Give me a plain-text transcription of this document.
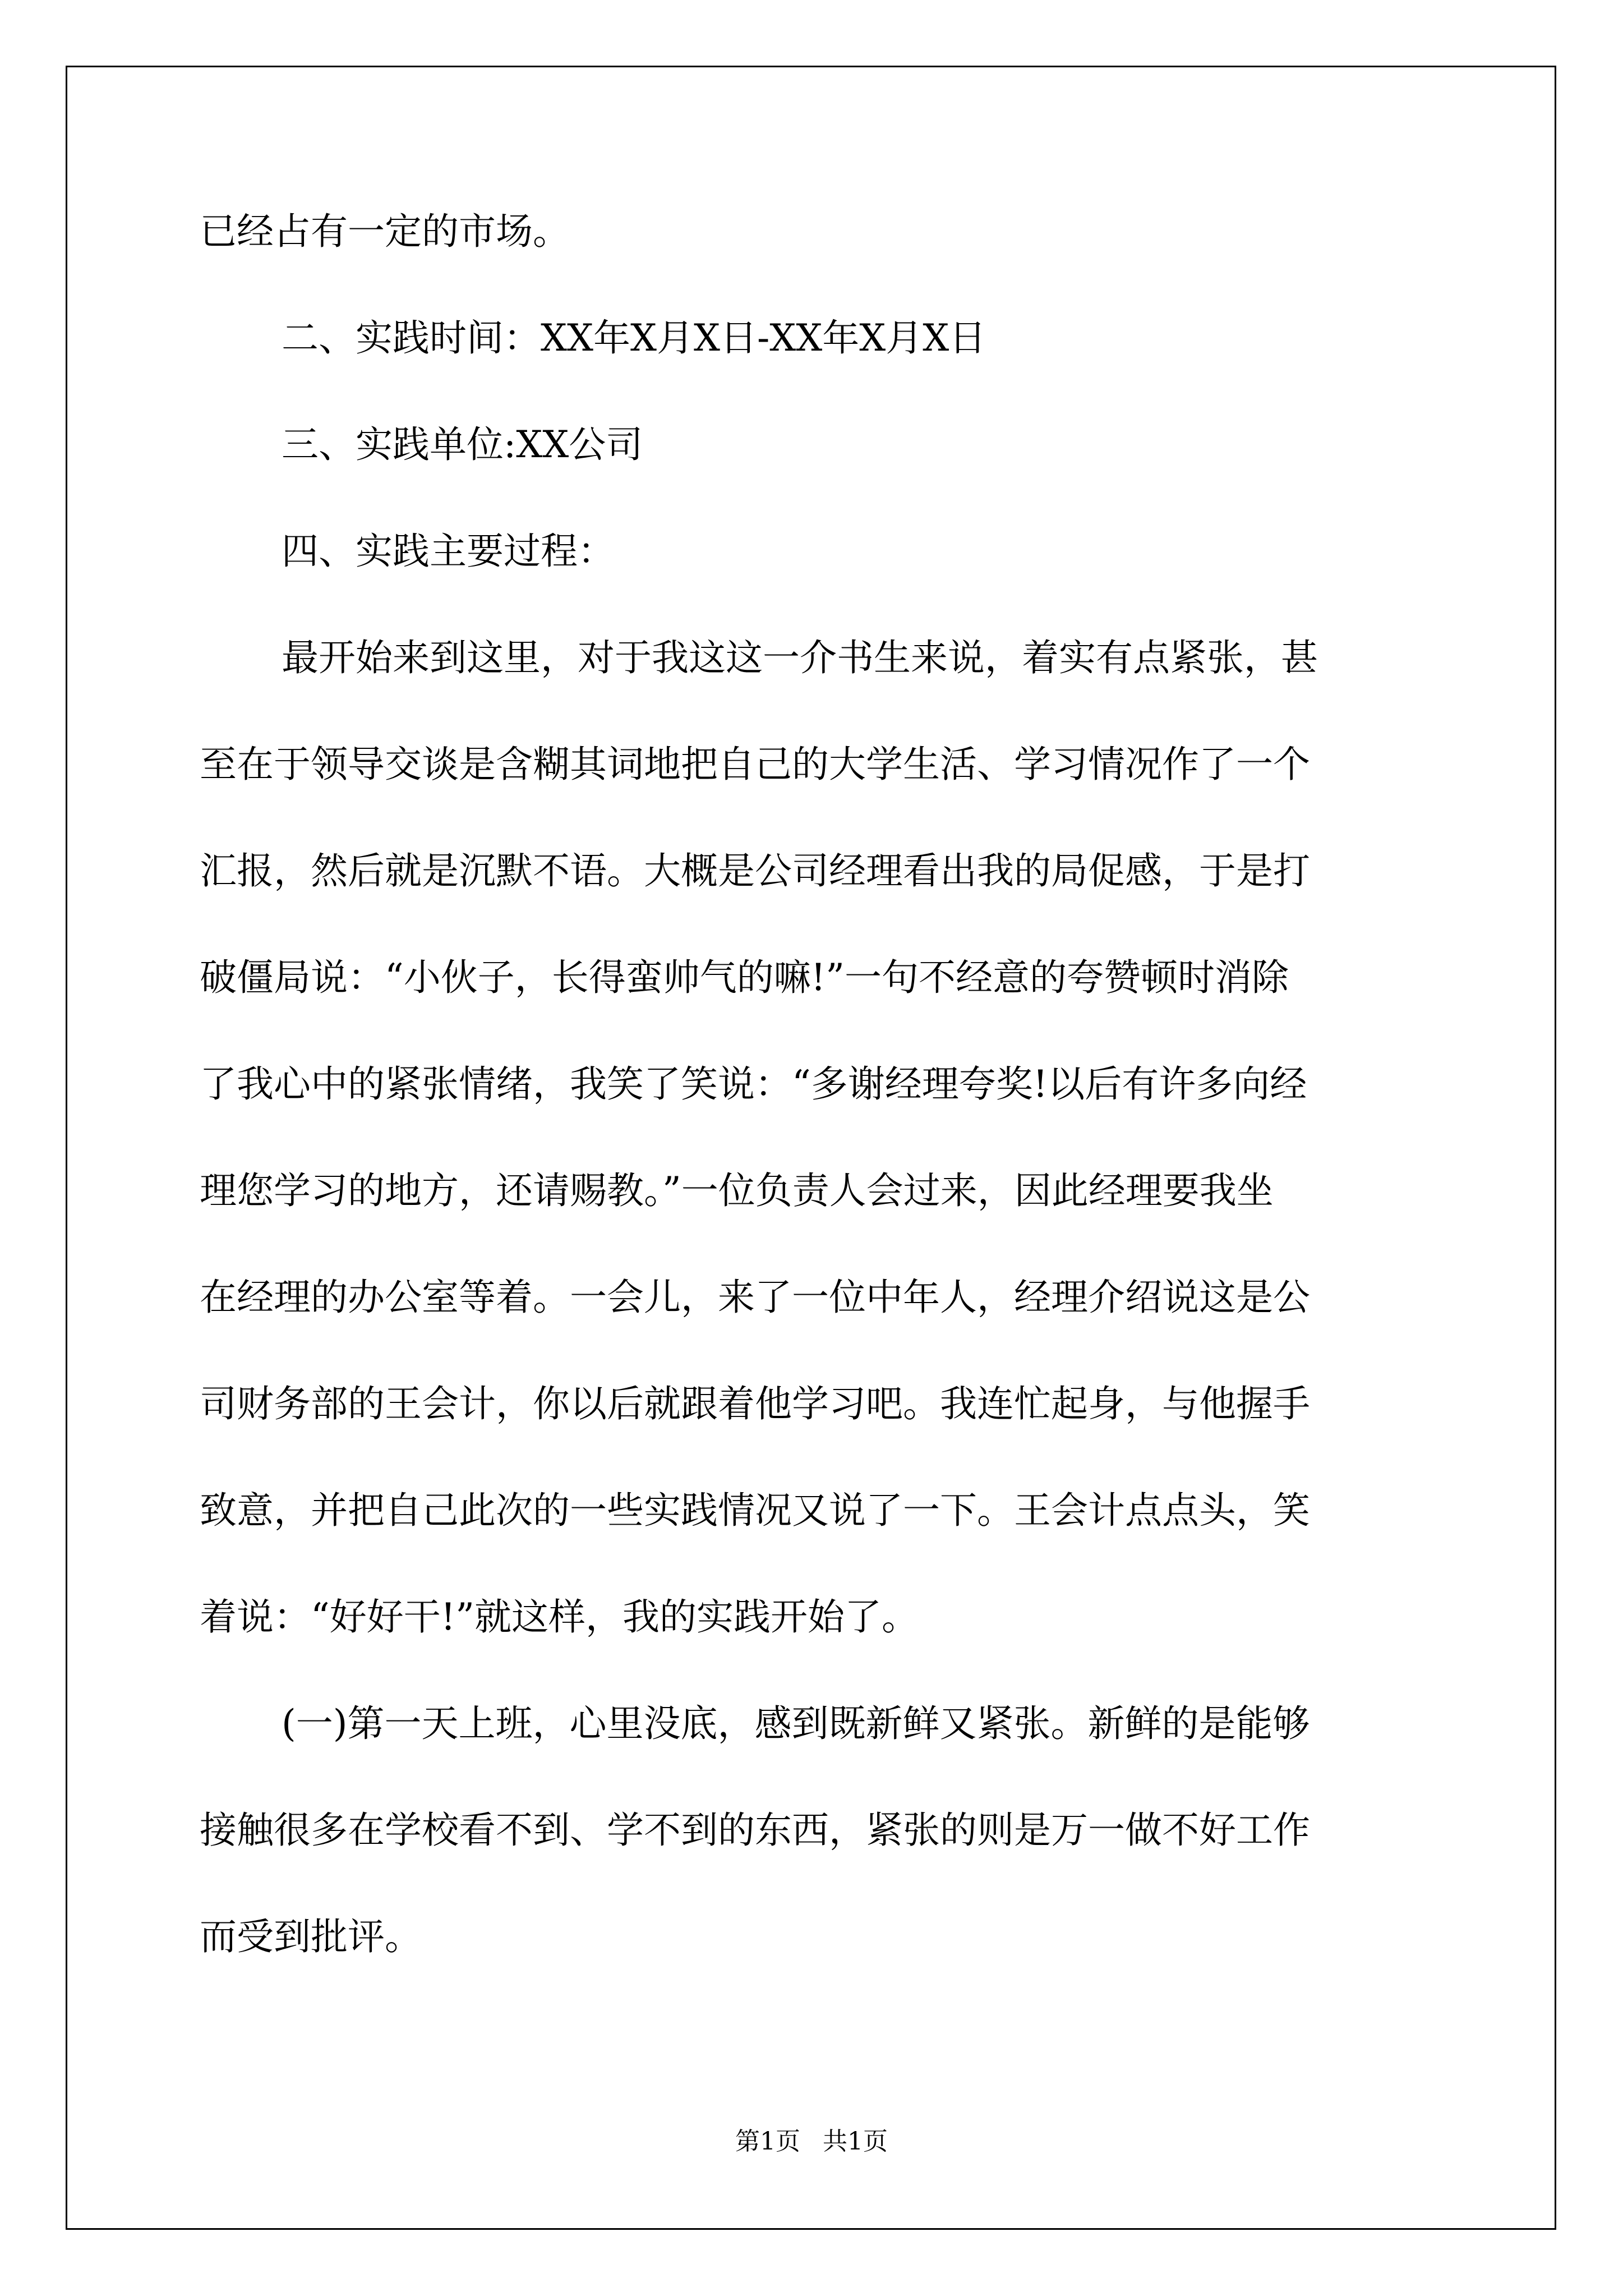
已经占有一定的市场。
二、实践时间：XX年X月X日-XX年X月X日
三、实践单位:XX公司
四、实践主要过程：
最开始来到这里，对于我这这一介书生来说，着实有点紧张，甚
至在于领导交谈是含糊其词地把自己的大学生活、学习情况作了一个
汇报，然后就是沉默不语。大概是公司经理看出我的局促感，于是打
破僵局说：“小伙子，长得蛮帅气的嘛!”一句不经意的夸赞顿时消除
了我心中的紧张情绪，我笑了笑说：“多谢经理夸奖!以后有许多向经
理您学习的地方，还请赐教。”一位负责人会过来，因此经理要我坐
在经理的办公室等着。一会儿，来了一位中年人，经理介绍说这是公
司财务部的王会计，你以后就跟着他学习吧。我连忙起身，与他握手
致意，并把自己此次的一些实践情况又说了一下。王会计点点头，笑
着说：“好好干!”就这样，我的实践开始了。
(一)第一天上班，心里没底，感到既新鲜又紧张。新鲜的是能够
接触很多在学校看不到、学不到的东西，紧张的则是万一做不好工作
而受到批评。
第1页 共1页
